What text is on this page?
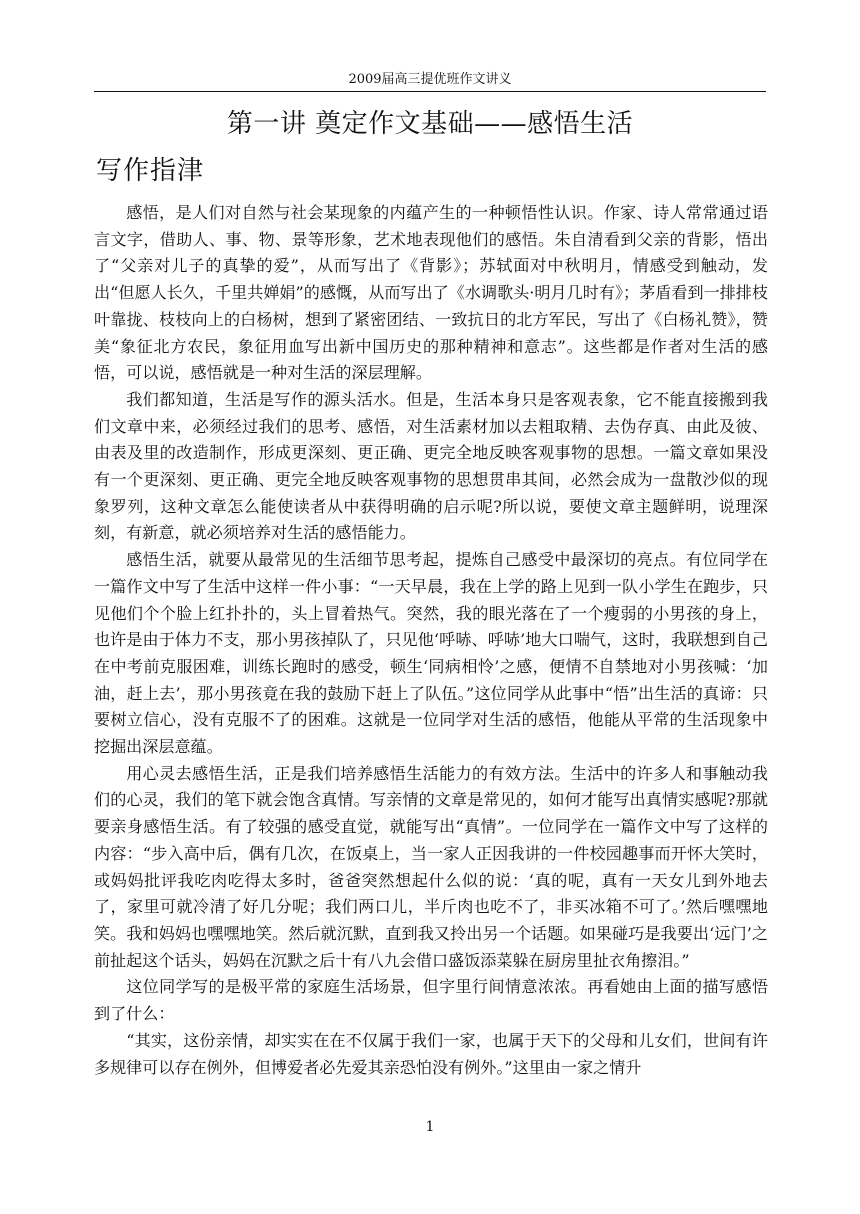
2009届高三提优班作文讲义
第一讲 奠定作文基础——感悟生活
写作指津

感悟，是人们对自然与社会某现象的内蕴产生的一种顿悟性认识。作家、诗人常常通过语言文字，借助人、事、物、景等形象，艺术地表现他们的感悟。朱自清看到父亲的背影，悟出了“父亲对儿子的真挚的爱”，从而写出了《背影》；苏轼面对中秋明月，情感受到触动，发出“但愿人长久，千里共婵娟”的感慨，从而写出了《水调歌头·明月几时有》；茅盾看到一排排枝叶靠拢、枝枝向上的白杨树，想到了紧密团结、一致抗日的北方军民，写出了《白杨礼赞》，赞美“象征北方农民，象征用血写出新中国历史的那种精神和意志”。这些都是作者对生活的感悟，可以说，感悟就是一种对生活的深层理解。

我们都知道，生活是写作的源头活水。但是，生活本身只是客观表象，它不能直接搬到我们文章中来，必须经过我们的思考、感悟，对生活素材加以去粗取精、去伪存真、由此及彼、由表及里的改造制作，形成更深刻、更正确、更完全地反映客观事物的思想。一篇文章如果没有一个更深刻、更正确、更完全地反映客观事物的思想贯串其间，必然会成为一盘散沙似的现象罗列，这种文章怎么能使读者从中获得明确的启示呢?所以说，要使文章主题鲜明，说理深刻，有新意，就必须培养对生活的感悟能力。

感悟生活，就要从最常见的生活细节思考起，提炼自己感受中最深切的亮点。有位同学在一篇作文中写了生活中这样一件小事：“一天早晨，我在上学的路上见到一队小学生在跑步，只见他们个个脸上红扑扑的，头上冒着热气。突然，我的眼光落在了一个瘦弱的小男孩的身上，也许是由于体力不支，那小男孩掉队了，只见他‘呼哧、呼哧’地大口喘气，这时，我联想到自己在中考前克服困难，训练长跑时的感受，顿生‘同病相怜’之感，便情不自禁地对小男孩喊：‘加油，赶上去’，那小男孩竟在我的鼓励下赶上了队伍。”这位同学从此事中“悟”出生活的真谛：只要树立信心，没有克服不了的困难。这就是一位同学对生活的感悟，他能从平常的生活现象中挖掘出深层意蕴。

用心灵去感悟生活，正是我们培养感悟生活能力的有效方法。生活中的许多人和事触动我们的心灵，我们的笔下就会饱含真情。写亲情的文章是常见的，如何才能写出真情实感呢?那就要亲身感悟生活。有了较强的感受直觉，就能写出“真情”。一位同学在一篇作文中写了这样的内容：“步入高中后，偶有几次，在饭桌上，当一家人正因我讲的一件校园趣事而开怀大笑时，或妈妈批评我吃肉吃得太多时，爸爸突然想起什么似的说：‘真的呢，真有一天女儿到外地去了，家里可就冷清了好几分呢；我们两口儿，半斤肉也吃不了，非买冰箱不可了。’然后嘿嘿地笑。我和妈妈也嘿嘿地笑。然后就沉默，直到我又拎出另一个话题。如果碰巧是我要出‘远门’之前扯起这个话头，妈妈在沉默之后十有八九会借口盛饭添菜躲在厨房里扯衣角擦泪。”

这位同学写的是极平常的家庭生活场景，但字里行间情意浓浓。再看她由上面的描写感悟到了什么：

“其实，这份亲情，却实实在在不仅属于我们一家，也属于天下的父母和儿女们，世间有许多规律可以存在例外，但博爱者必先爱其亲恐怕没有例外。”这里由一家之情升

1
